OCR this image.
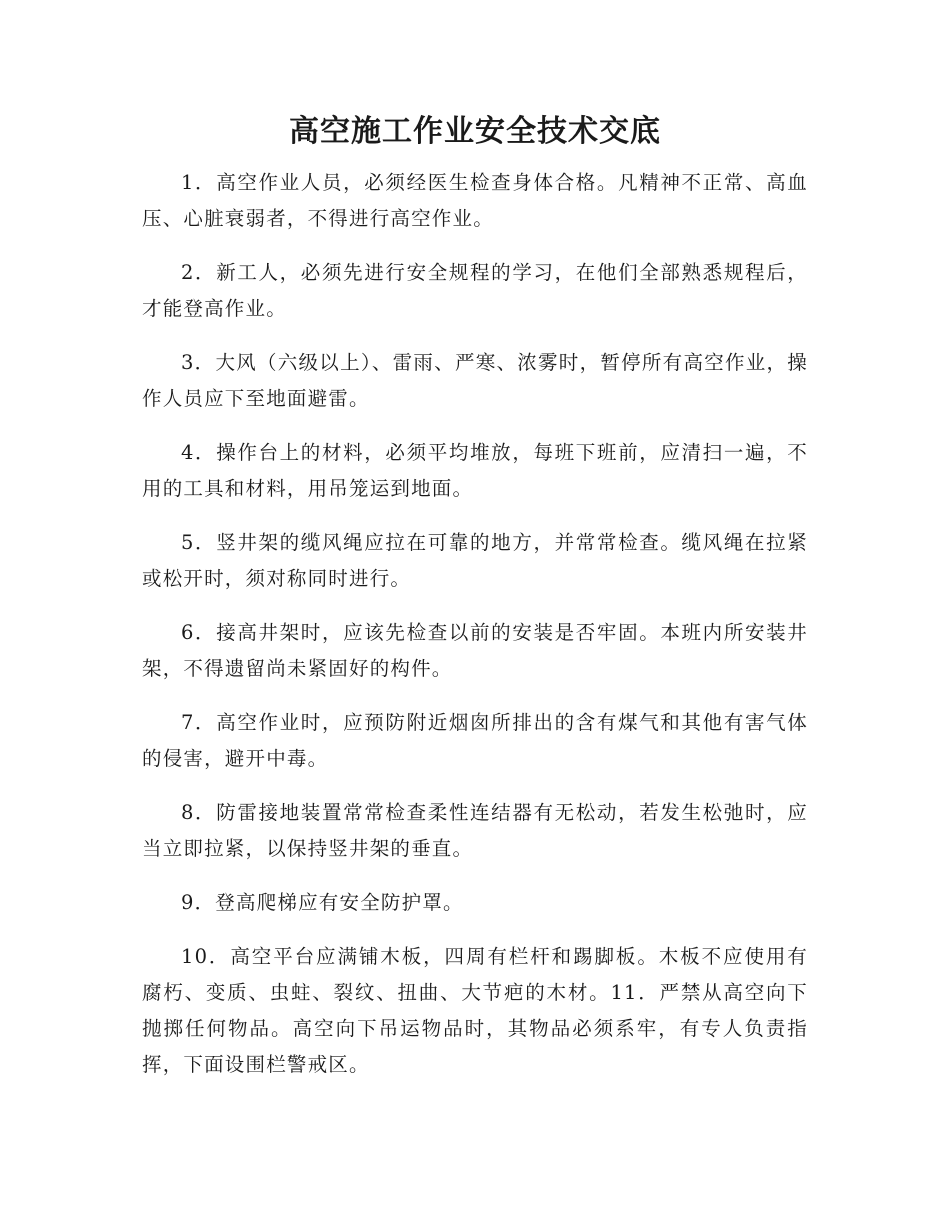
高空施工作业安全技术交底

1．高空作业人员，必须经医生检查身体合格。凡精神不正常、高血压、心脏衰弱者，不得进行高空作业。

2．新工人，必须先进行安全规程的学习，在他们全部熟悉规程后，才能登高作业。

3．大风（六级以上）、雷雨、严寒、浓雾时，暂停所有高空作业，操作人员应下至地面避雷。

4．操作台上的材料，必须平均堆放，每班下班前，应清扫一遍，不用的工具和材料，用吊笼运到地面。

5．竖井架的缆风绳应拉在可靠的地方，并常常检查。缆风绳在拉紧或松开时，须对称同时进行。

6．接高井架时，应该先检查以前的安装是否牢固。本班内所安装井架，不得遗留尚未紧固好的构件。

7．高空作业时，应预防附近烟囱所排出的含有煤气和其他有害气体的侵害，避开中毒。

8．防雷接地装置常常检查柔性连结器有无松动，若发生松弛时，应当立即拉紧，以保持竖井架的垂直。

9．登高爬梯应有安全防护罩。

10．高空平台应满铺木板，四周有栏杆和踢脚板。木板不应使用有腐朽、变质、虫蛀、裂纹、扭曲、大节疤的木材。11．严禁从高空向下抛掷任何物品。高空向下吊运物品时，其物品必须系牢，有专人负责指挥，下面设围栏警戒区。
